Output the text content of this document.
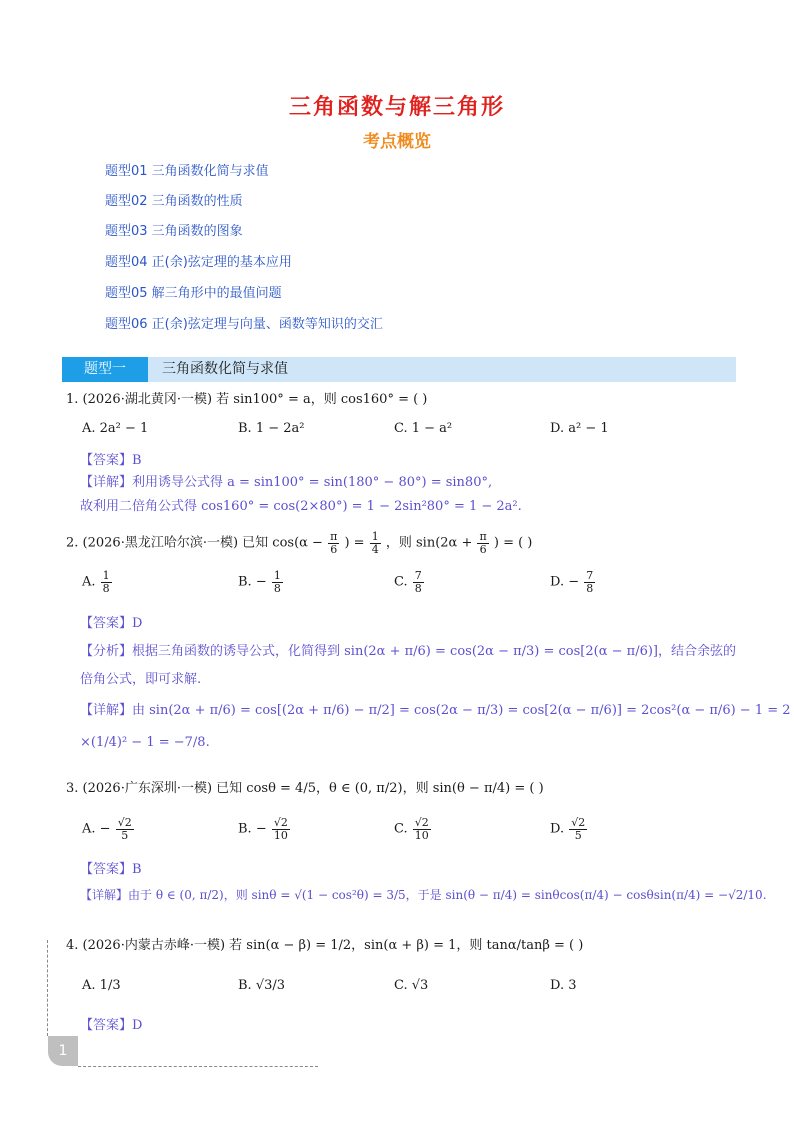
三角函数与解三角形
考点概览
题型01 三角函数化简与求值
题型02 三角函数的性质
题型03 三角函数的图象
题型04 正(余)弦定理的基本应用
题型05 解三角形中的最值问题
题型06 正(余)弦定理与向量、函数等知识的交汇
题型一	三角函数化简与求值
1. (2026·湖北黄冈·一模) 若 sin100° = a，则 cos160° = ( )
A. 2a² − 1	B. 1 − 2a²	C. 1 − a²	D. a² − 1
【答案】B
【详解】利用诱导公式得 a = sin100° = sin(180° − 80°) = sin80°,
故利用二倍角公式得 cos160° = cos(2×80°) = 1 − 2sin²80° = 1 − 2a².
2. (2026·黑龙江哈尔滨·一模) 已知 $\cos(\alpha - \frac{\pi}{6}$ ) = $\frac{1}{4}$ ，则 $\sin(2\alpha + \frac{\pi}{6}$ ) = ( )
A. $\frac{1}{8}$	B. − $\frac{1}{8}$	C. $\frac{7}{8}$	D. − $\frac{7}{8}$
【答案】D
【分析】根据三角函数的诱导公式，化简得到 sin(2α + π/6) = cos(2α − π/3) = cos[2(α − π/6)]，结合余弦的
倍角公式，即可求解.
【详解】由 sin(2α + π/6) = cos[(2α + π/6) − π/2] = cos(2α − π/3) = cos[2(α − π/6)] = 2cos²(α − π/6) − 1 = 2
×(1/4)² − 1 = −7/8.
3. (2026·广东深圳·一模) 已知 cosθ = 4/5，θ ∈ (0, π/2)，则 sin(θ − π/4) = ( )
A. − $\frac{√2}{5}$	B. − $\frac{√2}{10}$	C. $\frac{√2}{10}$	D. $\frac{√2}{5}$
【答案】B
【详解】由于 θ ∈ (0, π/2)，则 sinθ = √(1 − cos²θ) = 3/5，于是 sin(θ − π/4) = sinθcos(π/4) − cosθsin(π/4) = −√2/10.
4. (2026·内蒙古赤峰·一模) 若 sin(α − β) = 1/2，sin(α + β) = 1，则 tanα/tanβ = ( )
A. 1/3	B. √3/3	C. √3	D. 3
【答案】D
1
